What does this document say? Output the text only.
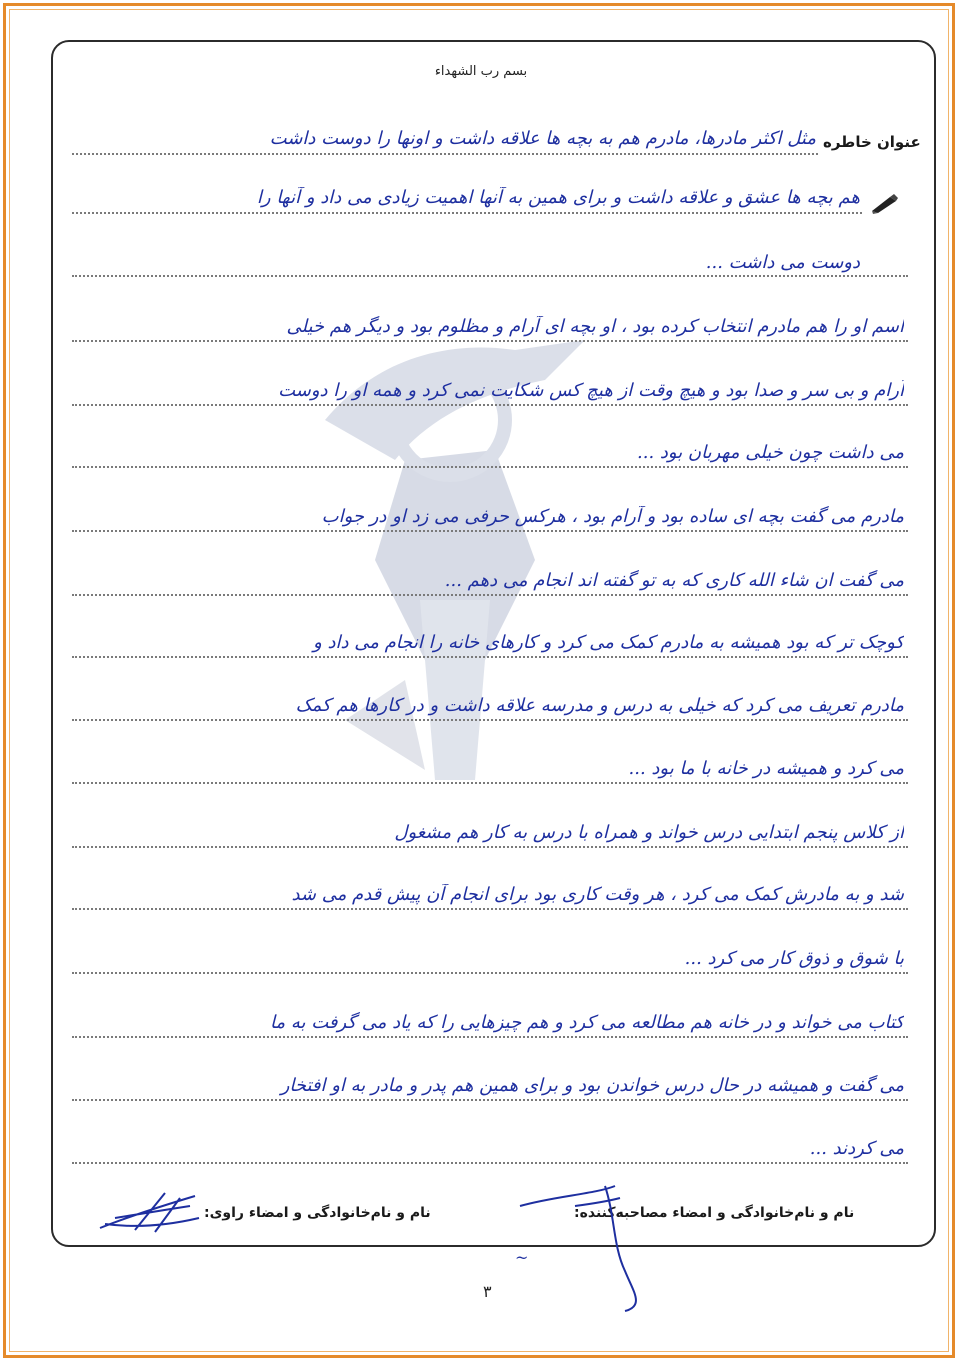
بسم رب الشهداء
عنوان خاطره
مثل اکثر مادرها، مادرم هم به بچه ها علاقه داشت و اونها را دوست داشت
هم بچه ها عشق و علاقه داشت و برای همین به آنها اهمیت زیادی می داد و آنها را
دوست می داشت ...
اسم او را هم مادرم انتخاب کرده بود ، او بچه ای آرام و مظلوم بود و دیگر هم خیلی
آرام و بی سر و صدا بود و هیچ وقت از هیچ کس شکایت نمی کرد و همه او را دوست
می داشت چون خیلی مهربان بود ...
مادرم می گفت بچه ای ساده بود و آرام بود ، هرکس حرفی می زد او در جواب
می گفت ان شاء الله کاری که به تو گفته اند انجام می دهم ...
کوچک تر که بود همیشه به مادرم کمک می کرد و کارهای خانه را انجام می داد و
مادرم تعریف می کرد که خیلی به درس و مدرسه علاقه داشت و در کارها هم کمک
می کرد و همیشه در خانه با ما بود ...
از کلاس پنجم ابتدایی درس خواند و همراه با درس به کار هم مشغول
شد و به مادرش کمک می کرد ، هر وقت کاری بود برای انجام آن پیش قدم می شد
با شوق و ذوق کار می کرد ...
کتاب می خواند و در خانه هم مطالعه می کرد و هم چیزهایی را که یاد می گرفت به ما
می گفت و همیشه در حال درس خواندن بود و برای همین هم پدر و مادر به او افتخار
می کردند ...
نام و نام‌خانوادگی و امضاء مصاحبه‌کننده:
نام و نام‌خانوادگی و امضاء راوی:
~
۳
